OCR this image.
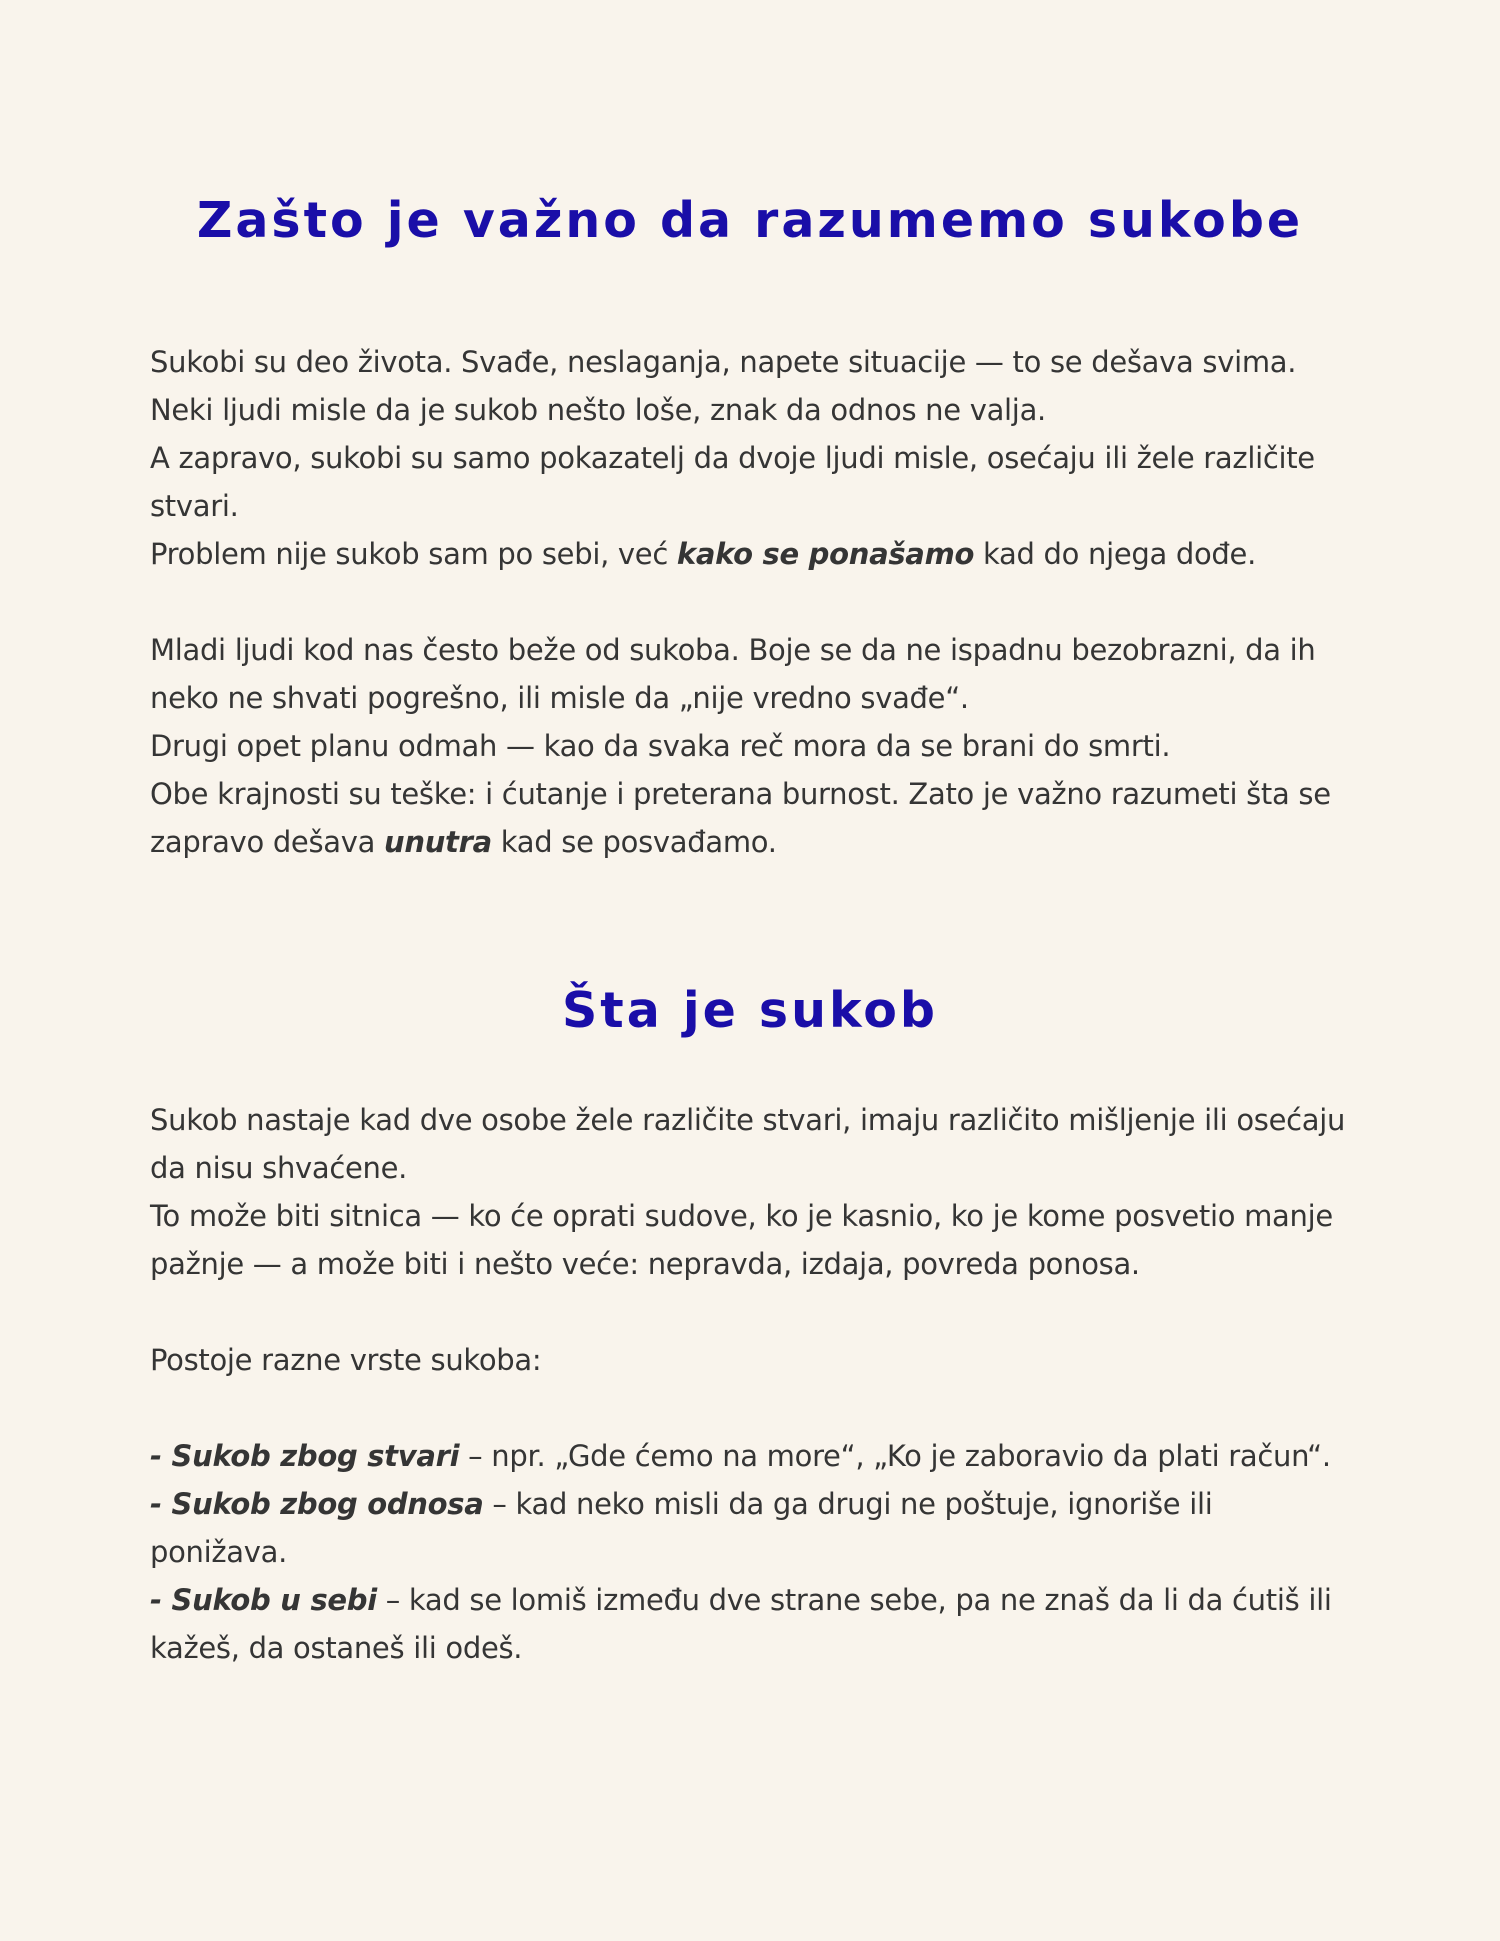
Zašto je važno da razumemo sukobe

Sukobi su deo života. Svađe, neslaganja, napete situacije — to se dešava svima.
Neki ljudi misle da je sukob nešto loše, znak da odnos ne valja.
A zapravo, sukobi su samo pokazatelj da dvoje ljudi misle, osećaju ili žele različite stvari.
Problem nije sukob sam po sebi, već kako se ponašamo kad do njega dođe.

Mladi ljudi kod nas često beže od sukoba. Boje se da ne ispadnu bezobrazni, da ih neko ne shvati pogrešno, ili misle da „nije vredno svađe“.
Drugi opet planu odmah — kao da svaka reč mora da se brani do smrti.
Obe krajnosti su teške: i ćutanje i preterana burnost. Zato je važno razumeti šta se zapravo dešava unutra kad se posvađamo.

Šta je sukob

Sukob nastaje kad dve osobe žele različite stvari, imaju različito mišljenje ili osećaju da nisu shvaćene.
To može biti sitnica — ko će oprati sudove, ko je kasnio, ko je kome posvetio manje pažnje — a može biti i nešto veće: nepravda, izdaja, povreda ponosa.

Postoje razne vrste sukoba:

- Sukob zbog stvari – npr. „Gde ćemo na more“, „Ko je zaboravio da plati račun“.
- Sukob zbog odnosa – kad neko misli da ga drugi ne poštuje, ignoriše ili ponižava.
- Sukob u sebi – kad se lomiš između dve strane sebe, pa ne znaš da li da ćutiš ili kažeš, da ostaneš ili odeš.
